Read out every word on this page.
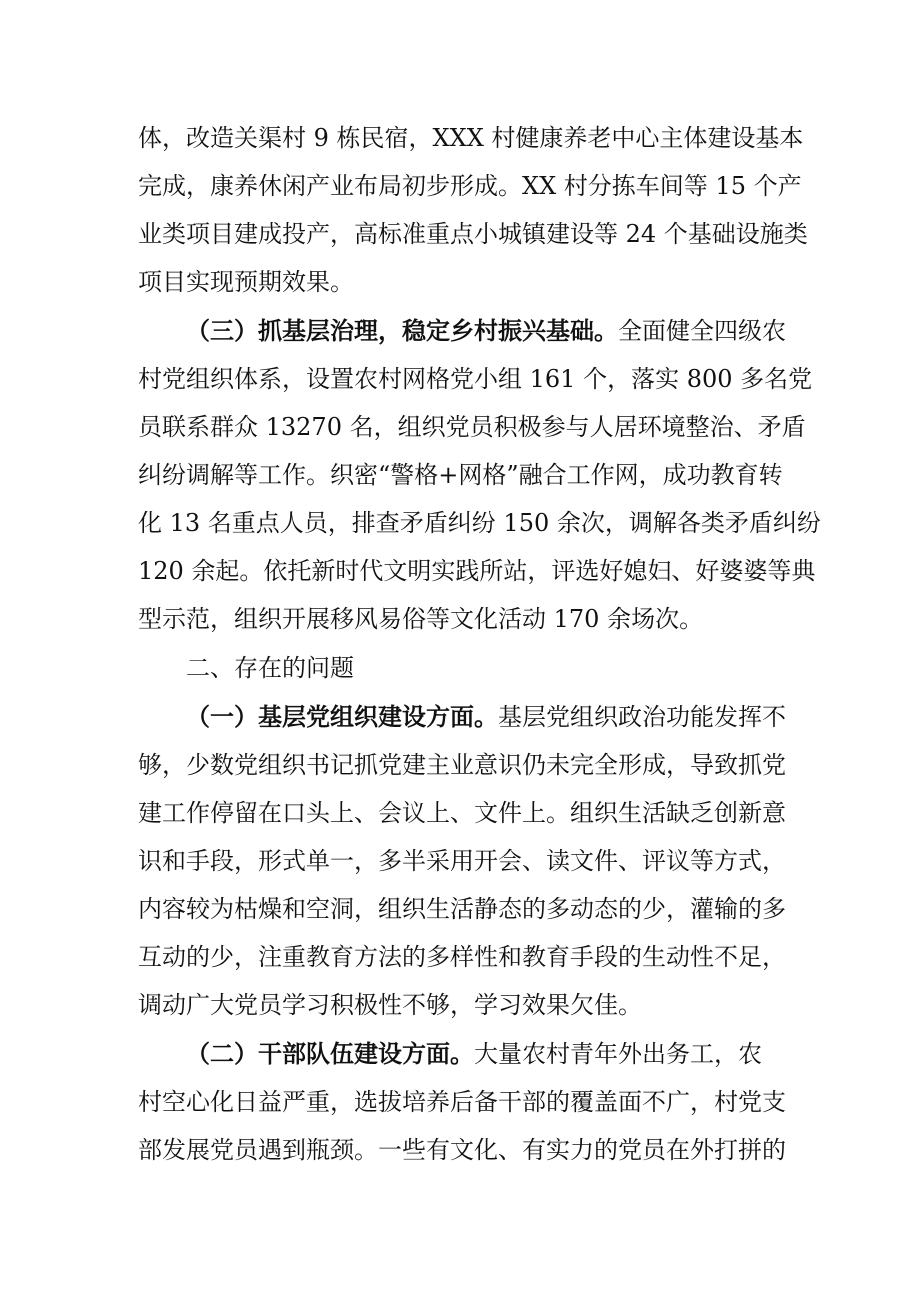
体，改造关渠村 9 栋民宿，XXX 村健康养老中心主体建设基本
完成，康养休闲产业布局初步形成。XX 村分拣车间等 15 个产
业类项目建成投产，高标准重点小城镇建设等 24 个基础设施类
项目实现预期效果。
（三）抓基层治理，稳定乡村振兴基础。全面健全四级农
村党组织体系，设置农村网格党小组 161 个，落实 800 多名党
员联系群众 13270 名，组织党员积极参与人居环境整治、矛盾
纠纷调解等工作。织密“警格+网格”融合工作网，成功教育转
化 13 名重点人员，排查矛盾纠纷 150 余次，调解各类矛盾纠纷
120 余起。依托新时代文明实践所站，评选好媳妇、好婆婆等典
型示范，组织开展移风易俗等文化活动 170 余场次。
二、存在的问题
（一）基层党组织建设方面。基层党组织政治功能发挥不
够，少数党组织书记抓党建主业意识仍未完全形成，导致抓党
建工作停留在口头上、会议上、文件上。组织生活缺乏创新意
识和手段，形式单一，多半采用开会、读文件、评议等方式，
内容较为枯燥和空洞，组织生活静态的多动态的少，灌输的多
互动的少，注重教育方法的多样性和教育手段的生动性不足，
调动广大党员学习积极性不够，学习效果欠佳。
（二）干部队伍建设方面。大量农村青年外出务工，农
村空心化日益严重，选拔培养后备干部的覆盖面不广，村党支
部发展党员遇到瓶颈。一些有文化、有实力的党员在外打拼的
